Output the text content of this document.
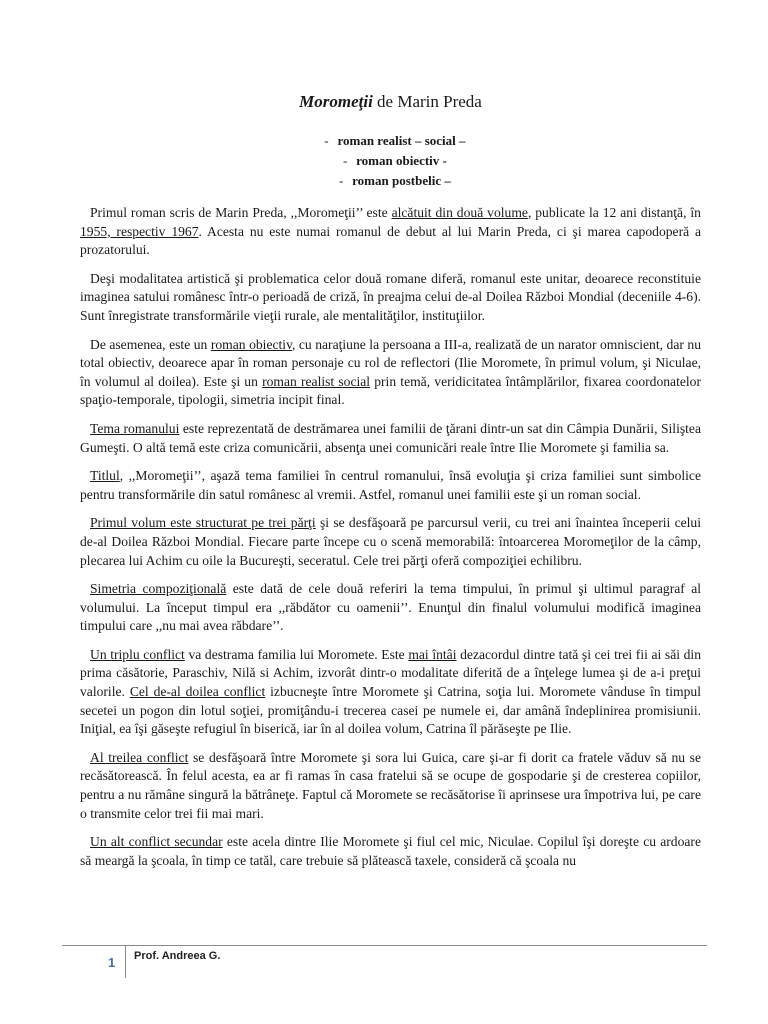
Moromeţii de Marin Preda
- roman realist – social –
- roman obiectiv -
- roman postbelic –

Primul roman scris de Marin Preda, ,,Moromeţii’’ este alcătuit din două volume, publicate la 12 ani distanţă, în 1955, respectiv 1967. Acesta nu este numai romanul de debut al lui Marin Preda, ci şi marea capodoperă a prozatorului.

Deşi modalitatea artistică şi problematica celor două romane diferă, romanul este unitar, deoarece reconstituie imaginea satului românesc într-o perioadă de criză, în preajma celui de-al Doilea Război Mondial (deceniile 4-6). Sunt înregistrate transformările vieţii rurale, ale mentalităţilor, instituţiilor.

De asemenea, este un roman obiectiv, cu naraţiune la persoana a III-a, realizată de un narator omniscient, dar nu total obiectiv, deoarece apar în roman personaje cu rol de reflectori (Ilie Moromete, în primul volum, şi Niculae, în volumul al doilea). Este şi un roman realist social prin temă, veridicitatea întâmplărilor, fixarea coordonatelor spaţio-temporale, tipologii, simetria incipit final.

Tema romanului este reprezentată de destrămarea unei familii de ţărani dintr-un sat din Câmpia Dunării, Siliştea Gumeşti. O altă temă este criza comunicării, absenţa unei comunicări reale între Ilie Moromete şi familia sa.

Titlul, ,,Moromeţii’’, aşază tema familiei în centrul romanului, însă evoluţia şi criza familiei sunt simbolice pentru transformările din satul românesc al vremii. Astfel, romanul unei familii este şi un roman social.

Primul volum este structurat pe trei părţi şi se desfăşoară pe parcursul verii, cu trei ani înaintea începerii celui de-al Doilea Război Mondial. Fiecare parte începe cu o scenă memorabilă: întoarcerea Moromeţilor de la câmp, plecarea lui Achim cu oile la Bucureşti, seceratul. Cele trei părţi oferă compoziţiei echilibru.

Simetria compoziţională este dată de cele două referiri la tema timpului, în primul şi ultimul paragraf al volumului. La început timpul era ,,răbdător cu oamenii’’. Enunţul din finalul volumului modifică imaginea timpului care ,,nu mai avea răbdare’’.

Un triplu conflict va destrama familia lui Moromete. Este mai întâi dezacordul dintre tată şi cei trei fii ai săi din prima căsătorie, Paraschiv, Nilă si Achim, izvorât dintr-o modalitate diferită de a înţelege lumea şi de a-i preţui valorile. Cel de-al doilea conflict izbucneşte între Moromete şi Catrina, soţia lui. Moromete vânduse în timpul secetei un pogon din lotul soţiei, promiţându-i trecerea casei pe numele ei, dar amână îndeplinirea promisiunii. Iniţial, ea îşi găseşte refugiul în biserică, iar în al doilea volum, Catrina îl părăseşte pe Ilie.

Al treilea conflict se desfăşoară între Moromete şi sora lui Guica, care şi-ar fi dorit ca fratele văduv să nu se recăsătorească. În felul acesta, ea ar fi ramas în casa fratelui să se ocupe de gospodarie şi de cresterea copiilor, pentru a nu rămâne singură la bătrâneţe. Faptul că Moromete se recăsătorise îi aprinsese ura împotriva lui, pe care o transmite celor trei fii mai mari.

Un alt conflict secundar este acela dintre Ilie Moromete şi fiul cel mic, Niculae. Copilul îşi doreşte cu ardoare să meargă la şcoala, în timp ce tatăl, care trebuie să plătească taxele, consideră că şcoala nu

1 Prof. Andreea G.
